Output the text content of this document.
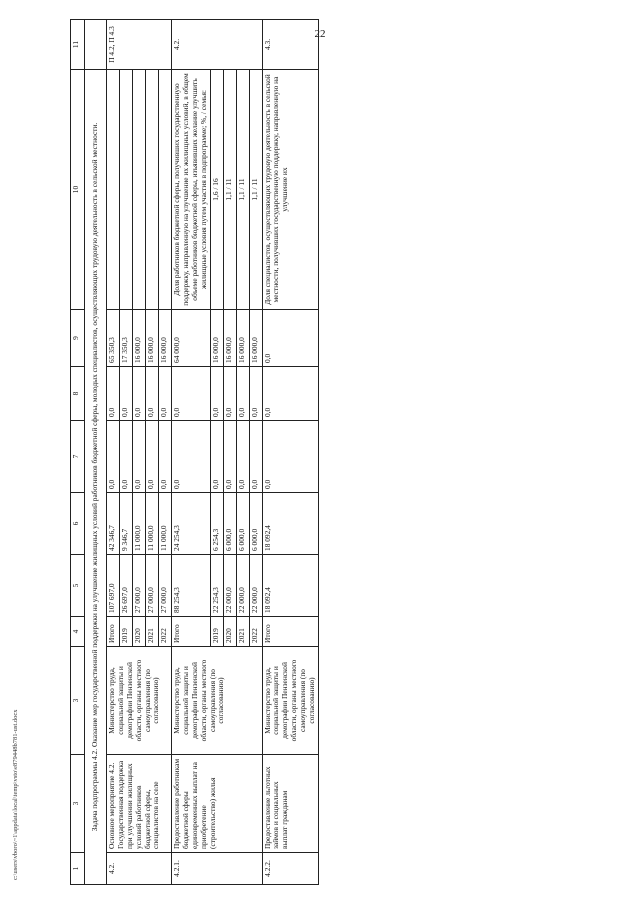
22
1	3	3	4	5	6	7	8	9	10	11
Задача подпрограммы 4.2. Оказание мер государственной поддержки на улучшение жилищных условий работников бюджетной сферы, молодых специалистов, осуществляющих трудовую деятельность в сельской местности.										
4.2.	Основное мероприятие 4.2. Государственная поддержка при улучшении жилищных условий работников бюджетной сферы, специалистов на селе	Министерство труда, социальной защиты и демографии Пензенской области, органы местного самоуправления (по согласованию)	Итого	107 697,0	42 346,7	0,0	0,0	65 350,3		П 4.2, П 4.3
			2019	26 697,0	9 346,7	0,0	0,0	17 350,3		
			2020	27 000,0	11 000,0	0,0	0,0	16 000,0		
			2021	27 000,0	11 000,0	0,0	0,0	16 000,0		
			2022	27 000,0	11 000,0	0,0	0,0	16 000,0		
4.2.1.	Предоставление работникам бюджетной сферы единовременных выплат на приобретение (строительство) жилья	Министерство труда, социальной защиты и демографии Пензенской области, органы местного самоуправления (по согласованию)	Итого	88 254,3	24 254,3	0,0	0,0	64 000,0	Доля работников бюджетной сферы, получивших государственную поддержку, направленную на улучшение их жилищных условий, в общем объеме работников бюджетной сферы, изъявивших желание улучшить жилищные условия путем участия в подпрограмме; %, / семья:	4.2.
			2019	22 254,3	6 254,3	0,0	0,0	16 000,0	1,6 / 16	
			2020	22 000,0	6 000,0	0,0	0,0	16 000,0	1,1 / 11	
			2021	22 000,0	6 000,0	0,0	0,0	16 000,0	1,1 / 11	
			2022	22 000,0	6 000,0	0,0	0,0	16 000,0	1,1 / 11	
4.2.2.	Предоставление льготных займов и социальных выплат гражданам	Министерство труда, социальной защиты и демографии Пензенской области, органы местного самоуправления (по согласованию)	Итого	18 092,4	18 092,4	0,0	0,0	0,0	Доля специалистов, осуществляющих трудовую деятельность в сельской местности, получивших государственную поддержку, направленную на улучшение их	4.3.
c:\users\vboro\~1\appdata\local\temp\vsto\e879448b781-ust.docx
